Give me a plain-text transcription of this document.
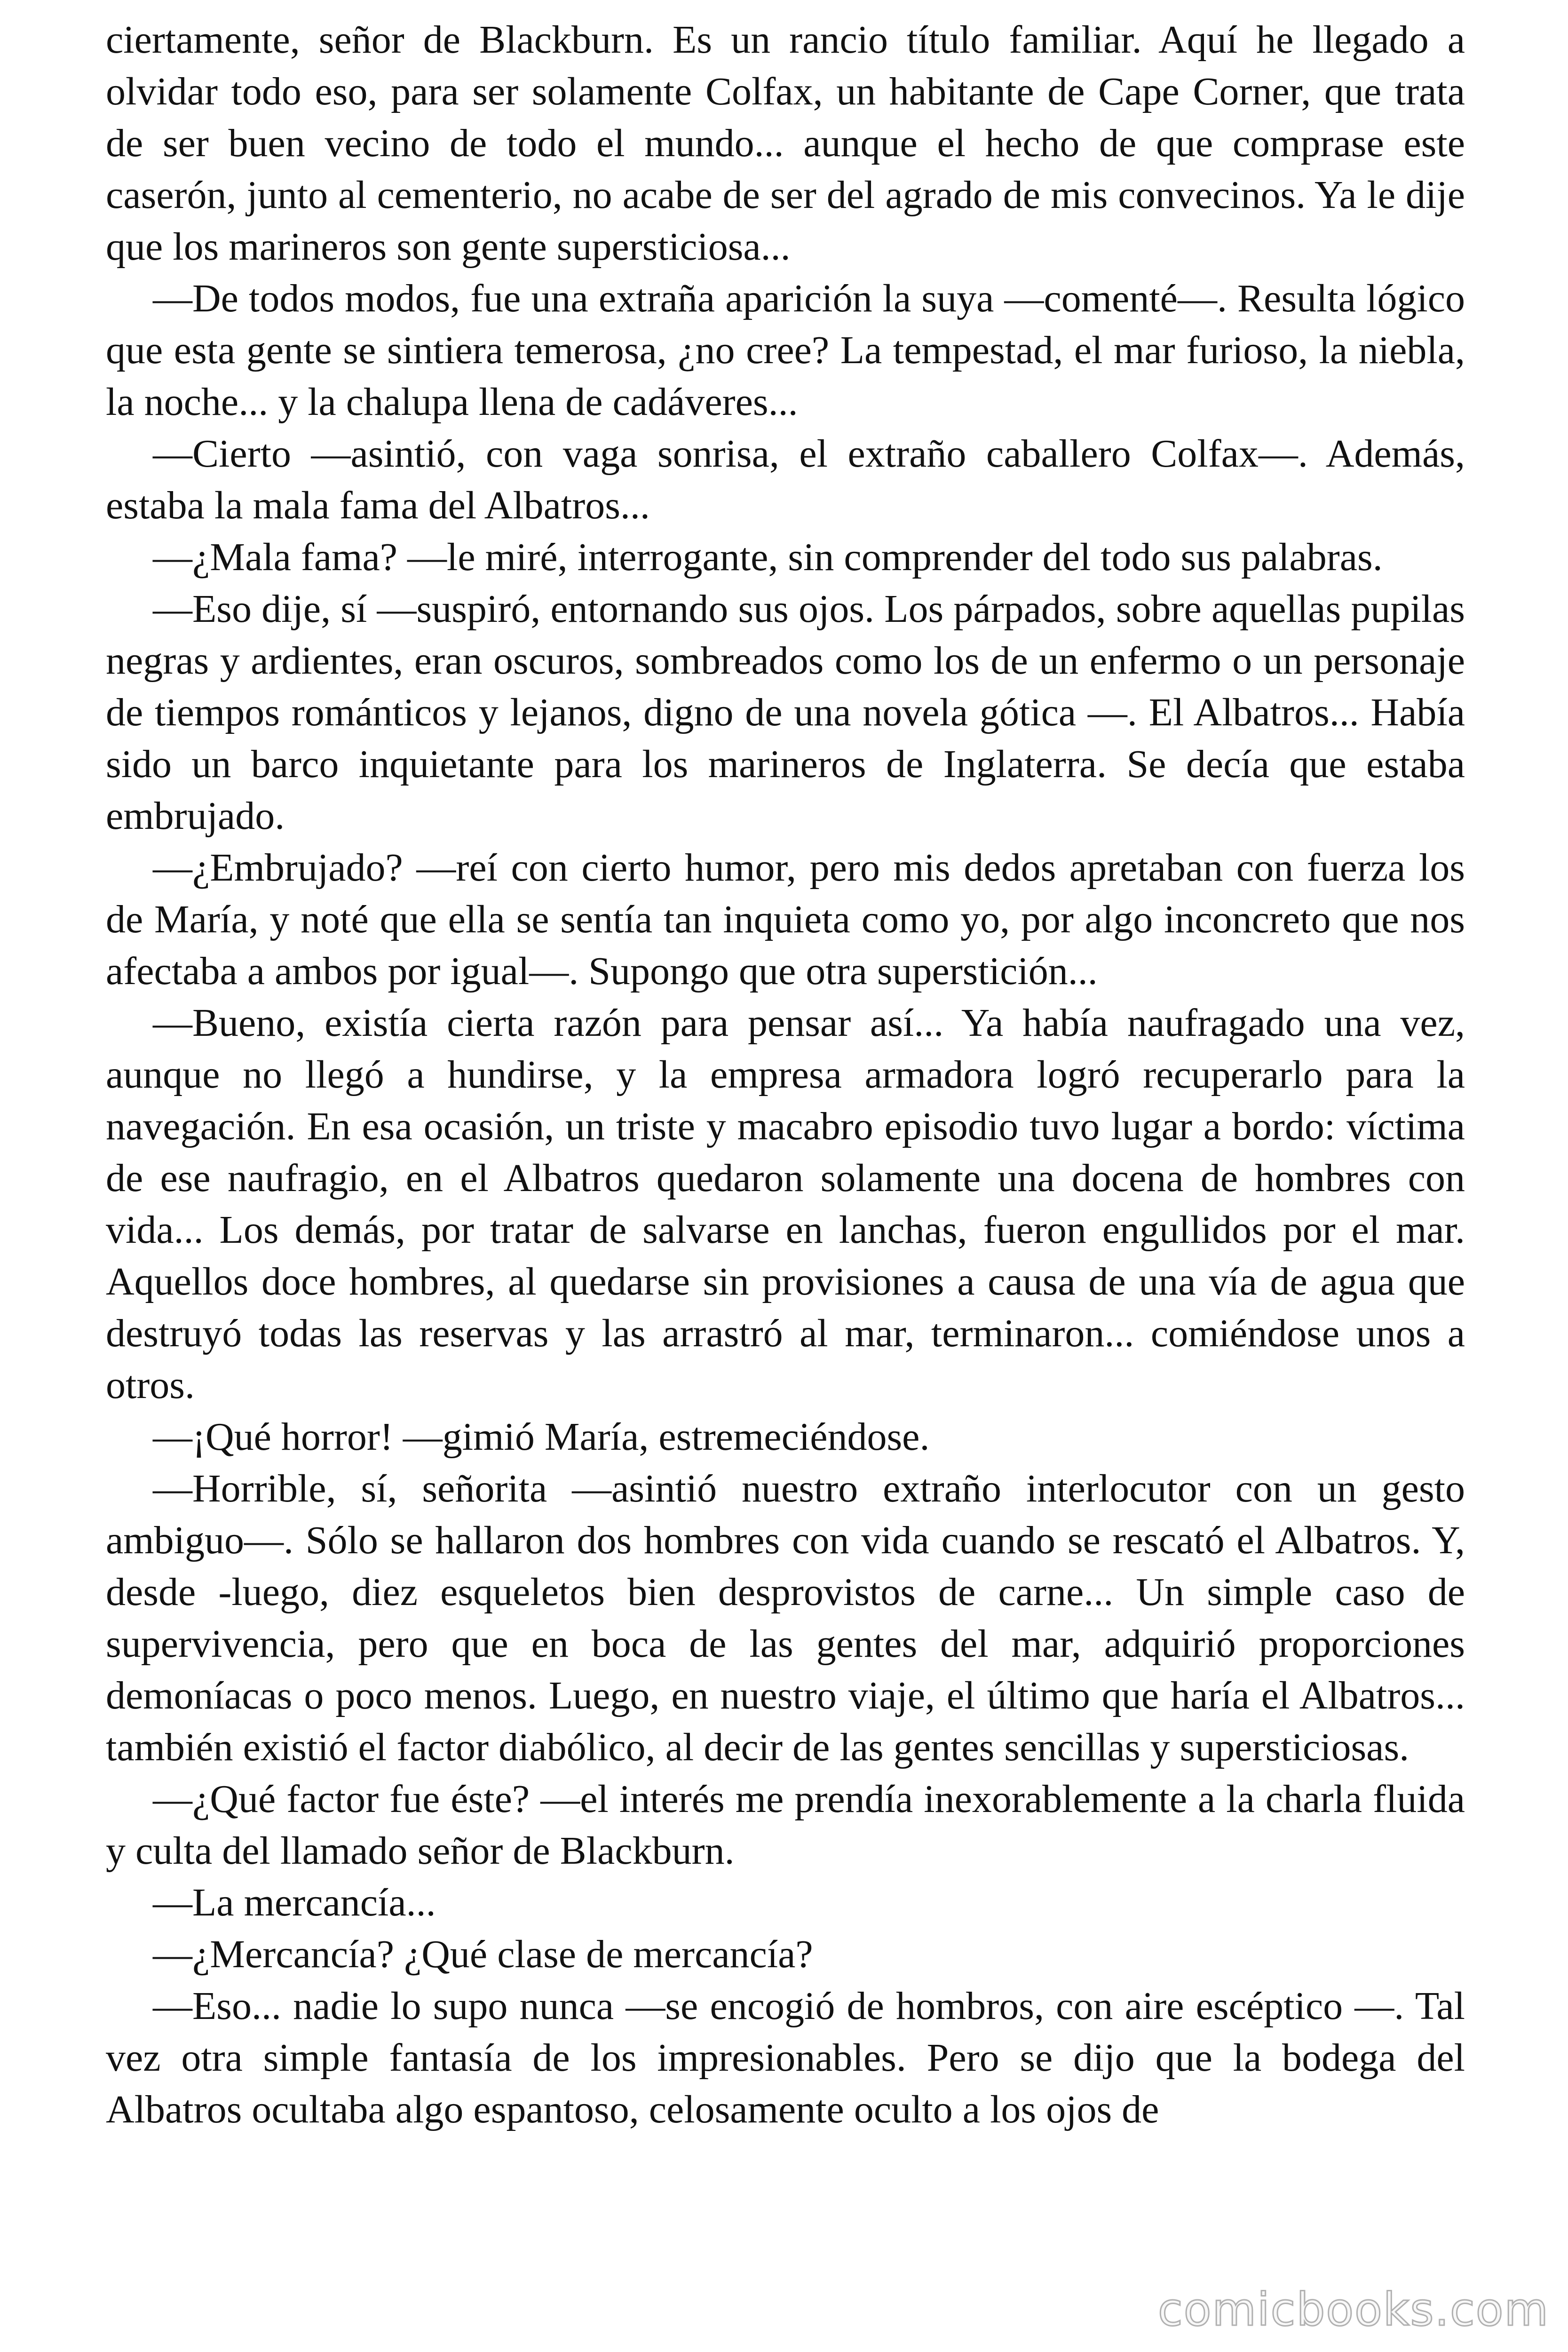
ciertamente, señor de Blackburn. Es un rancio título familiar. Aquí he llegado a olvidar todo eso, para ser solamente Colfax, un habitante de Cape Corner, que trata de ser buen vecino de todo el mundo... aunque el hecho de que comprase este caserón, junto al cementerio, no acabe de ser del agrado de mis convecinos. Ya le dije que los marineros son gente supersticiosa...

—De todos modos, fue una extraña aparición la suya —comenté—. Resulta lógico que esta gente se sintiera temerosa, ¿no cree? La tempestad, el mar furioso, la niebla, la noche... y la chalupa llena de cadáveres...

—Cierto —asintió, con vaga sonrisa, el extraño caballero Colfax—. Además, estaba la mala fama del Albatros...

—¿Mala fama? —le miré, interrogante, sin comprender del todo sus palabras.

—Eso dije, sí —suspiró, entornando sus ojos. Los párpados, sobre aquellas pupilas negras y ardientes, eran oscuros, sombreados como los de un enfermo o un personaje de tiempos románticos y lejanos, digno de una novela gótica —. El Albatros... Había sido un barco inquietante para los marineros de Inglaterra. Se decía que estaba embrujado.

—¿Embrujado? —reí con cierto humor, pero mis dedos apretaban con fuerza los de María, y noté que ella se sentía tan inquieta como yo, por algo inconcreto que nos afectaba a ambos por igual—. Supongo que otra superstición...

—Bueno, existía cierta razón para pensar así... Ya había naufragado una vez, aunque no llegó a hundirse, y la empresa armadora logró recuperarlo para la navegación. En esa ocasión, un triste y macabro episodio tuvo lugar a bordo: víctima de ese naufragio, en el Albatros quedaron solamente una docena de hombres con vida... Los demás, por tratar de salvarse en lanchas, fueron engullidos por el mar. Aquellos doce hombres, al quedarse sin provisiones a causa de una vía de agua que destruyó todas las reservas y las arrastró al mar, terminaron... comiéndose unos a otros.

—¡Qué horror! —gimió María, estremeciéndose.

—Horrible, sí, señorita —asintió nuestro extraño interlocutor con un gesto ambiguo—. Sólo se hallaron dos hombres con vida cuando se rescató el Albatros. Y, desde -luego, diez esqueletos bien desprovistos de carne... Un simple caso de supervivencia, pero que en boca de las gentes del mar, adquirió proporciones demoníacas o poco menos. Luego, en nuestro viaje, el último que haría el Albatros... también existió el factor diabólico, al decir de las gentes sencillas y supersticiosas.

—¿Qué factor fue éste? —el interés me prendía inexorablemente a la charla fluida y culta del llamado señor de Blackburn.

—La mercancía...

—¿Mercancía? ¿Qué clase de mercancía?

—Eso... nadie lo supo nunca —se encogió de hombros, con aire escéptico —. Tal vez otra simple fantasía de los impresionables. Pero se dijo que la bodega del Albatros ocultaba algo espantoso, celosamente oculto a los ojos de

comicbooks.com
